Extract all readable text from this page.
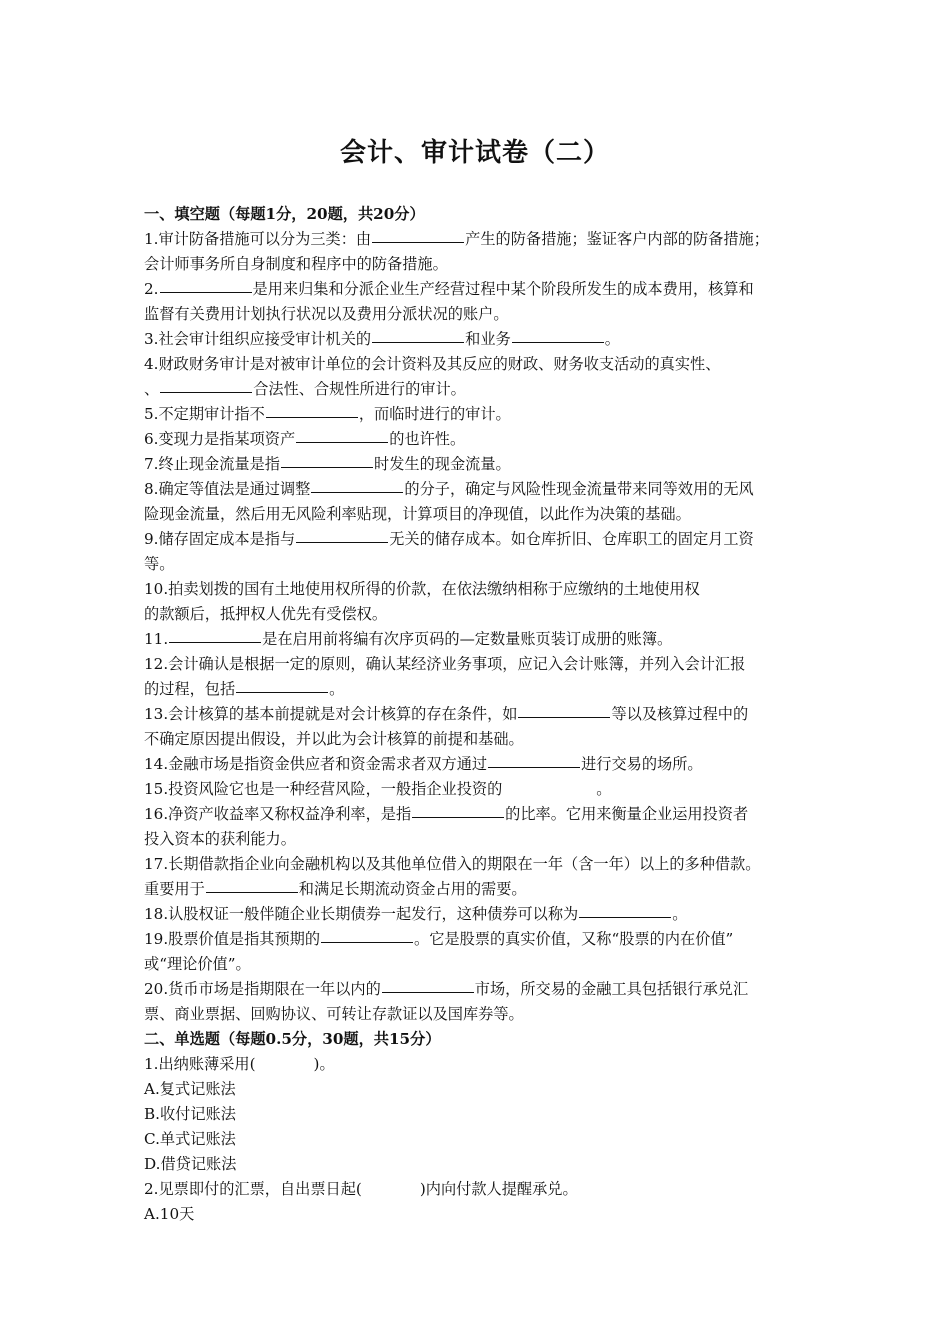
会计、审计试卷（二）

一、填空题（每题1分，20题，共20分）

1.审计防备措施可以分为三类：由	产生的防备措施；鉴证客户内部的防备措施；
会计师事务所自身制度和程序中的防备措施。

2.	是用来归集和分派企业生产经营过程中某个阶段所发生的成本费用，核算和
监督有关费用计划执行状况以及费用分派状况的账户。

3.社会审计组织应接受审计机关的	和业务	。

4.财政财务审计是对被审计单位的会计资料及其反应的财政、财务收支活动的真实性、
、	合法性、合规性所进行的审计。

5.不定期审计指不	，而临时进行的审计。

6.变现力是指某项资产	的也许性。

7.终止现金流量是指	时发生的现金流量。

8.确定等值法是通过调整	的分子，确定与风险性现金流量带来同等效用的无风
险现金流量，然后用无风险利率贴现，计算项目的净现值，以此作为决策的基础。

9.储存固定成本是指与	无关的储存成本。如仓库折旧、仓库职工的固定月工资
等。

10.拍卖划拨的国有土地使用权所得的价款，在依法缴纳相称于应缴纳的土地使用权
的款额后，抵押权人优先有受偿权。

11.	是在启用前将编有次序页码的—定数量账页装订成册的账簿。

12.会计确认是根据一定的原则，确认某经济业务事项，应记入会计账簿，并列入会计汇报
的过程，包括	。

13.会计核算的基本前提就是对会计核算的存在条件，如	等以及核算过程中的
不确定原因提出假设，并以此为会计核算的前提和基础。

14.金融市场是指资金供应者和资金需求者双方通过	进行交易的场所。

15.投资风险它也是一种经营风险，一般指企业投资的	。

16.净资产收益率又称权益净利率，是指	的比率。它用来衡量企业运用投资者
投入资本的获利能力。

17.长期借款指企业向金融机构以及其他单位借入的期限在一年（含一年）以上的多种借款。
重要用于	和满足长期流动资金占用的需要。

18.认股权证一般伴随企业长期债券一起发行，这种债券可以称为	。

19.股票价值是指其预期的	。它是股票的真实价值，又称“股票的内在价值”
或“理论价值”。

20.货币市场是指期限在一年以内的	市场，所交易的金融工具包括银行承兑汇
票、商业票据、回购协议、可转让存款证以及国库券等。

二、单选题（每题0.5分，30题，共15分）

1.出纳账薄采用(	)。

A.复式记账法

B.收付记账法

C.单式记账法

D.借贷记账法

2.见票即付的汇票，自出票日起(	)内向付款人提醒承兑。

A.10天
